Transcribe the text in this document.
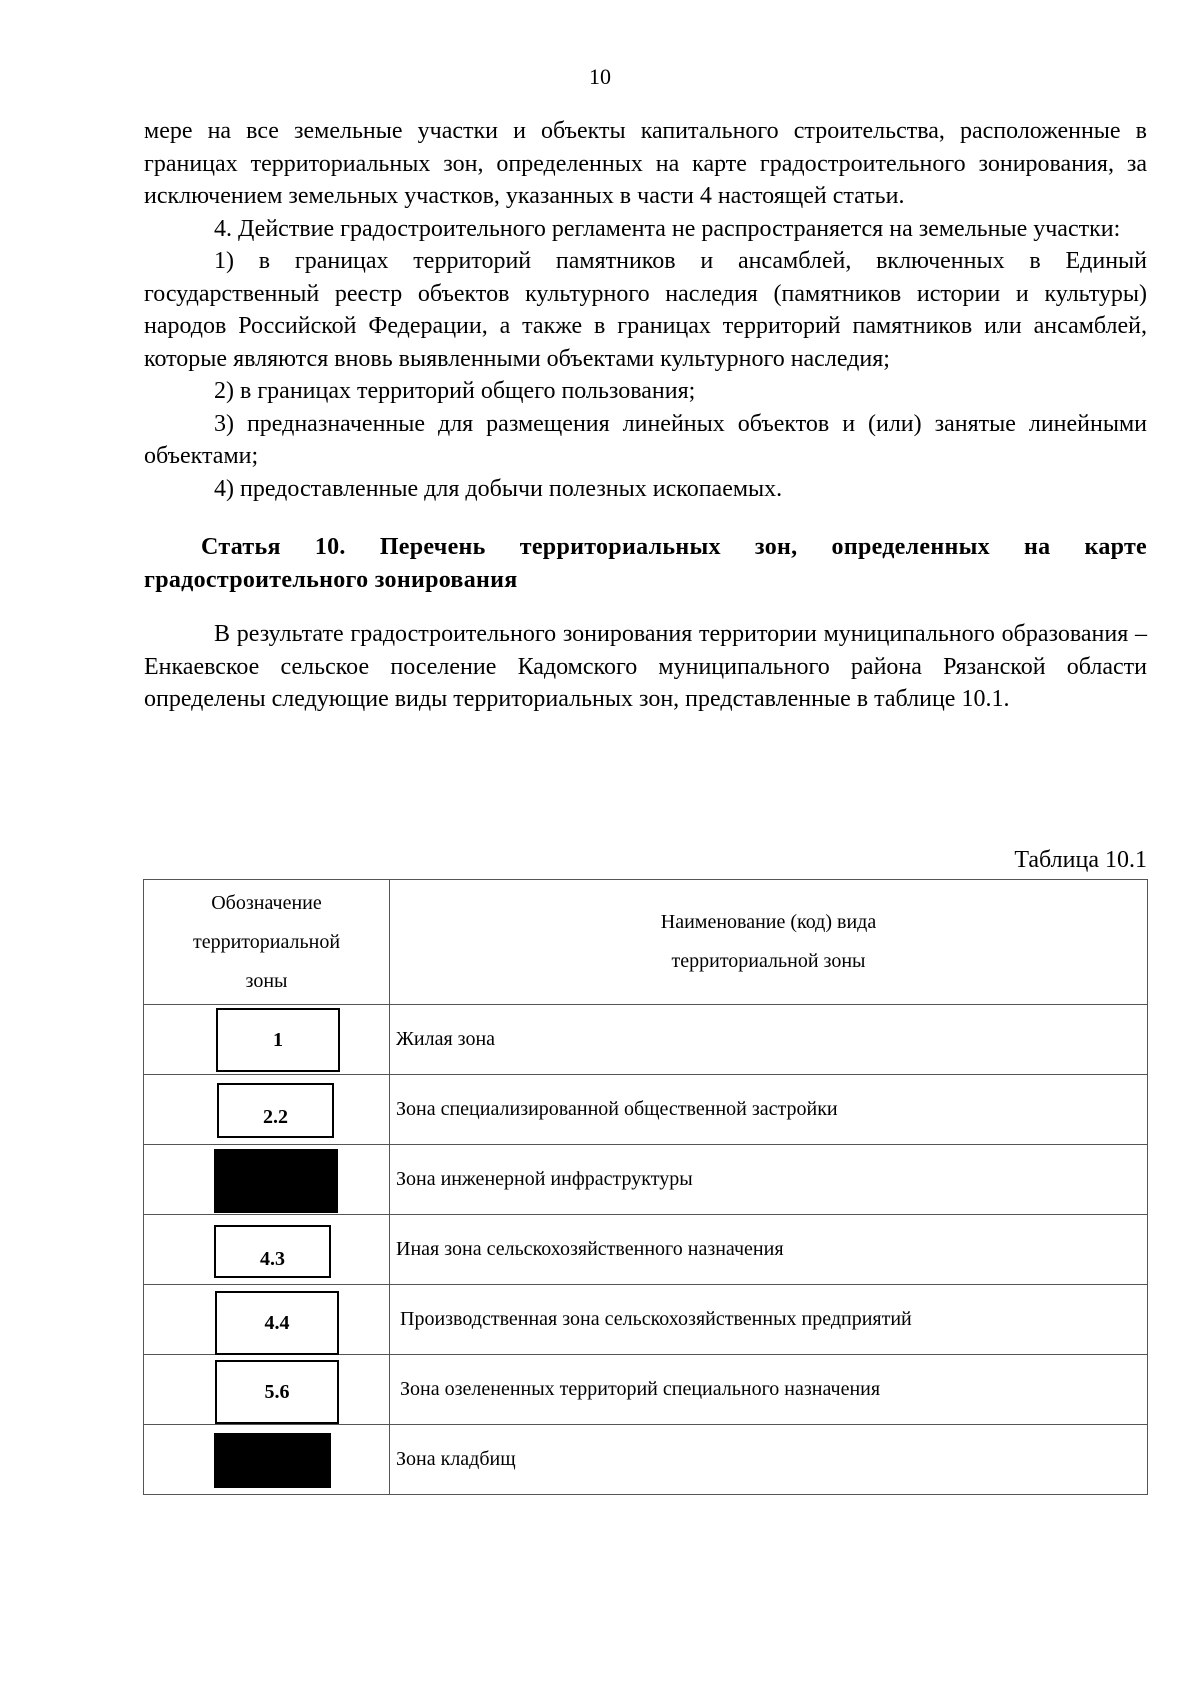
10

мере на все земельные участки и объекты капитального строительства, расположенные в границах территориальных зон, определенных на карте градостроительного зонирования, за исключением земельных участков, указанных в части 4 настоящей статьи.

4. Действие градостроительного регламента не распространяется на земельные участки:

1) в границах территорий памятников и ансамблей, включенных в Единый государственный реестр объектов культурного наследия (памятников истории и культуры) народов Российской Федерации, а также в границах территорий памятников или ансамблей, которые являются вновь выявленными объектами культурного наследия;

2) в границах территорий общего пользования;

3) предназначенные для размещения линейных объектов и (или) занятые линейными объектами;

4) предоставленные для добычи полезных ископаемых.

Статья 10. Перечень территориальных зон, определенных на карте градостроительного зонирования

В результате градостроительного зонирования территории муниципального образования – Енкаевское сельское поселение Кадомского муниципального района Рязанской области определены следующие виды территориальных зон, представленные в таблице 10.1.

Таблица 10.1
Обозначение территориальной зоны	Наименование (код) вида территориальной зоны

1	Жилая зона

2.2	Зона специализированной общественной застройки

	Зона инженерной инфраструктуры

4.3	Иная зона сельскохозяйственного назначения

4.4	Производственная зона сельскохозяйственных предприятий

5.6	Зона озелененных территорий специального назначения

	Зона кладбищ
